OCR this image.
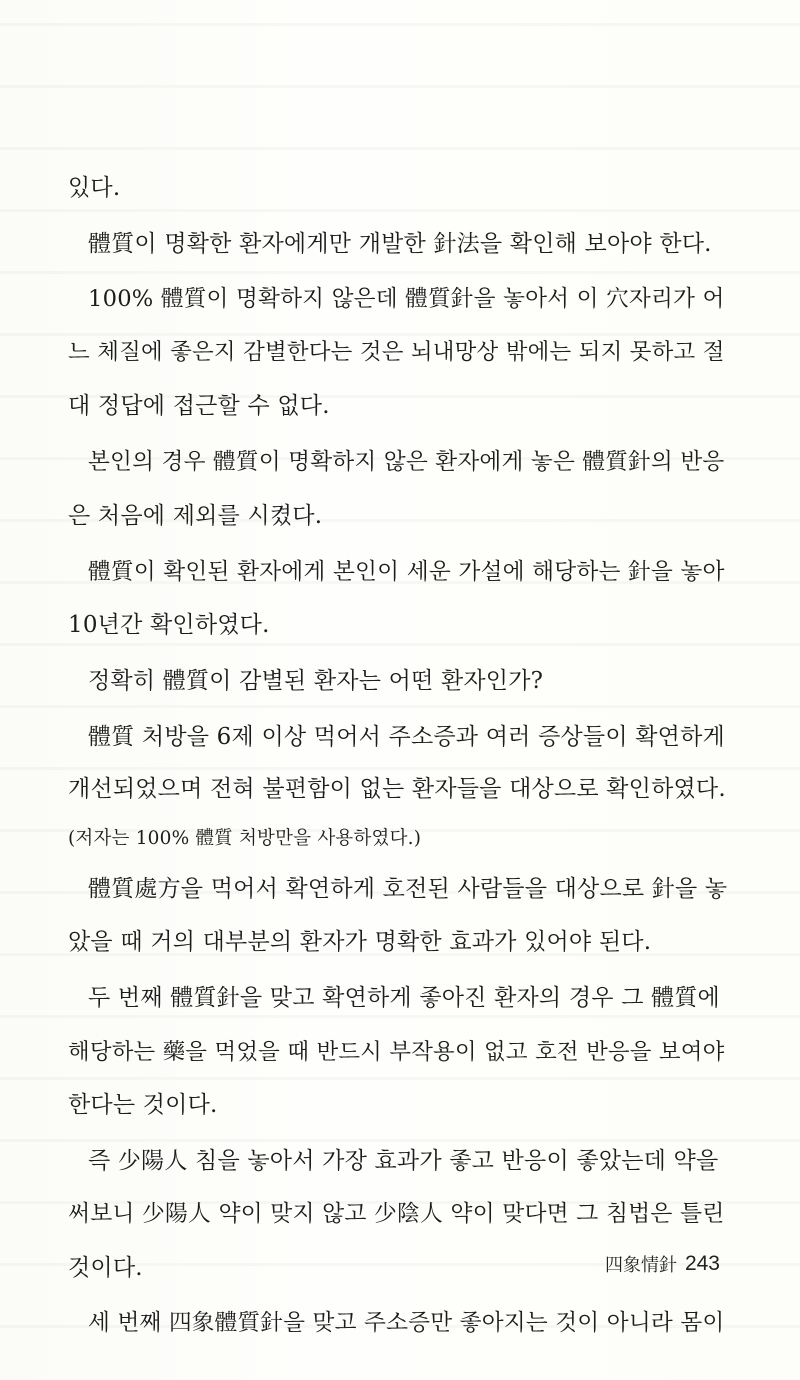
있다.
體質이 명확한 환자에게만 개발한 針法을 확인해 보아야 한다.
100% 體質이 명확하지 않은데 體質針을 놓아서 이 穴자리가 어
느 체질에 좋은지 감별한다는 것은 뇌내망상 밖에는 되지 못하고 절
대 정답에 접근할 수 없다.
본인의 경우 體質이 명확하지 않은 환자에게 놓은 體質針의 반응
은 처음에 제외를 시켰다.
體質이 확인된 환자에게 본인이 세운 가설에 해당하는 針을 놓아
10년간 확인하였다.
정확히 體質이 감별된 환자는 어떤 환자인가?
體質 처방을 6제 이상 먹어서 주소증과 여러 증상들이 확연하게
개선되었으며 전혀 불편함이 없는 환자들을 대상으로 확인하였다.
(저자는 100% 體質 처방만을 사용하였다.)
體質處方을 먹어서 확연하게 호전된 사람들을 대상으로 針을 놓
았을 때 거의 대부분의 환자가 명확한 효과가 있어야 된다.
두 번째 體質針을 맞고 확연하게 좋아진 환자의 경우 그 體質에
해당하는 藥을 먹었을 때 반드시 부작용이 없고 호전 반응을 보여야
한다는 것이다.
즉 少陽人 침을 놓아서 가장 효과가 좋고 반응이 좋았는데 약을
써보니 少陽人 약이 맞지 않고 少陰人 약이 맞다면 그 침법은 틀린
것이다.
세 번째 四象體質針을 맞고 주소증만 좋아지는 것이 아니라 몸이
四象情針 243
